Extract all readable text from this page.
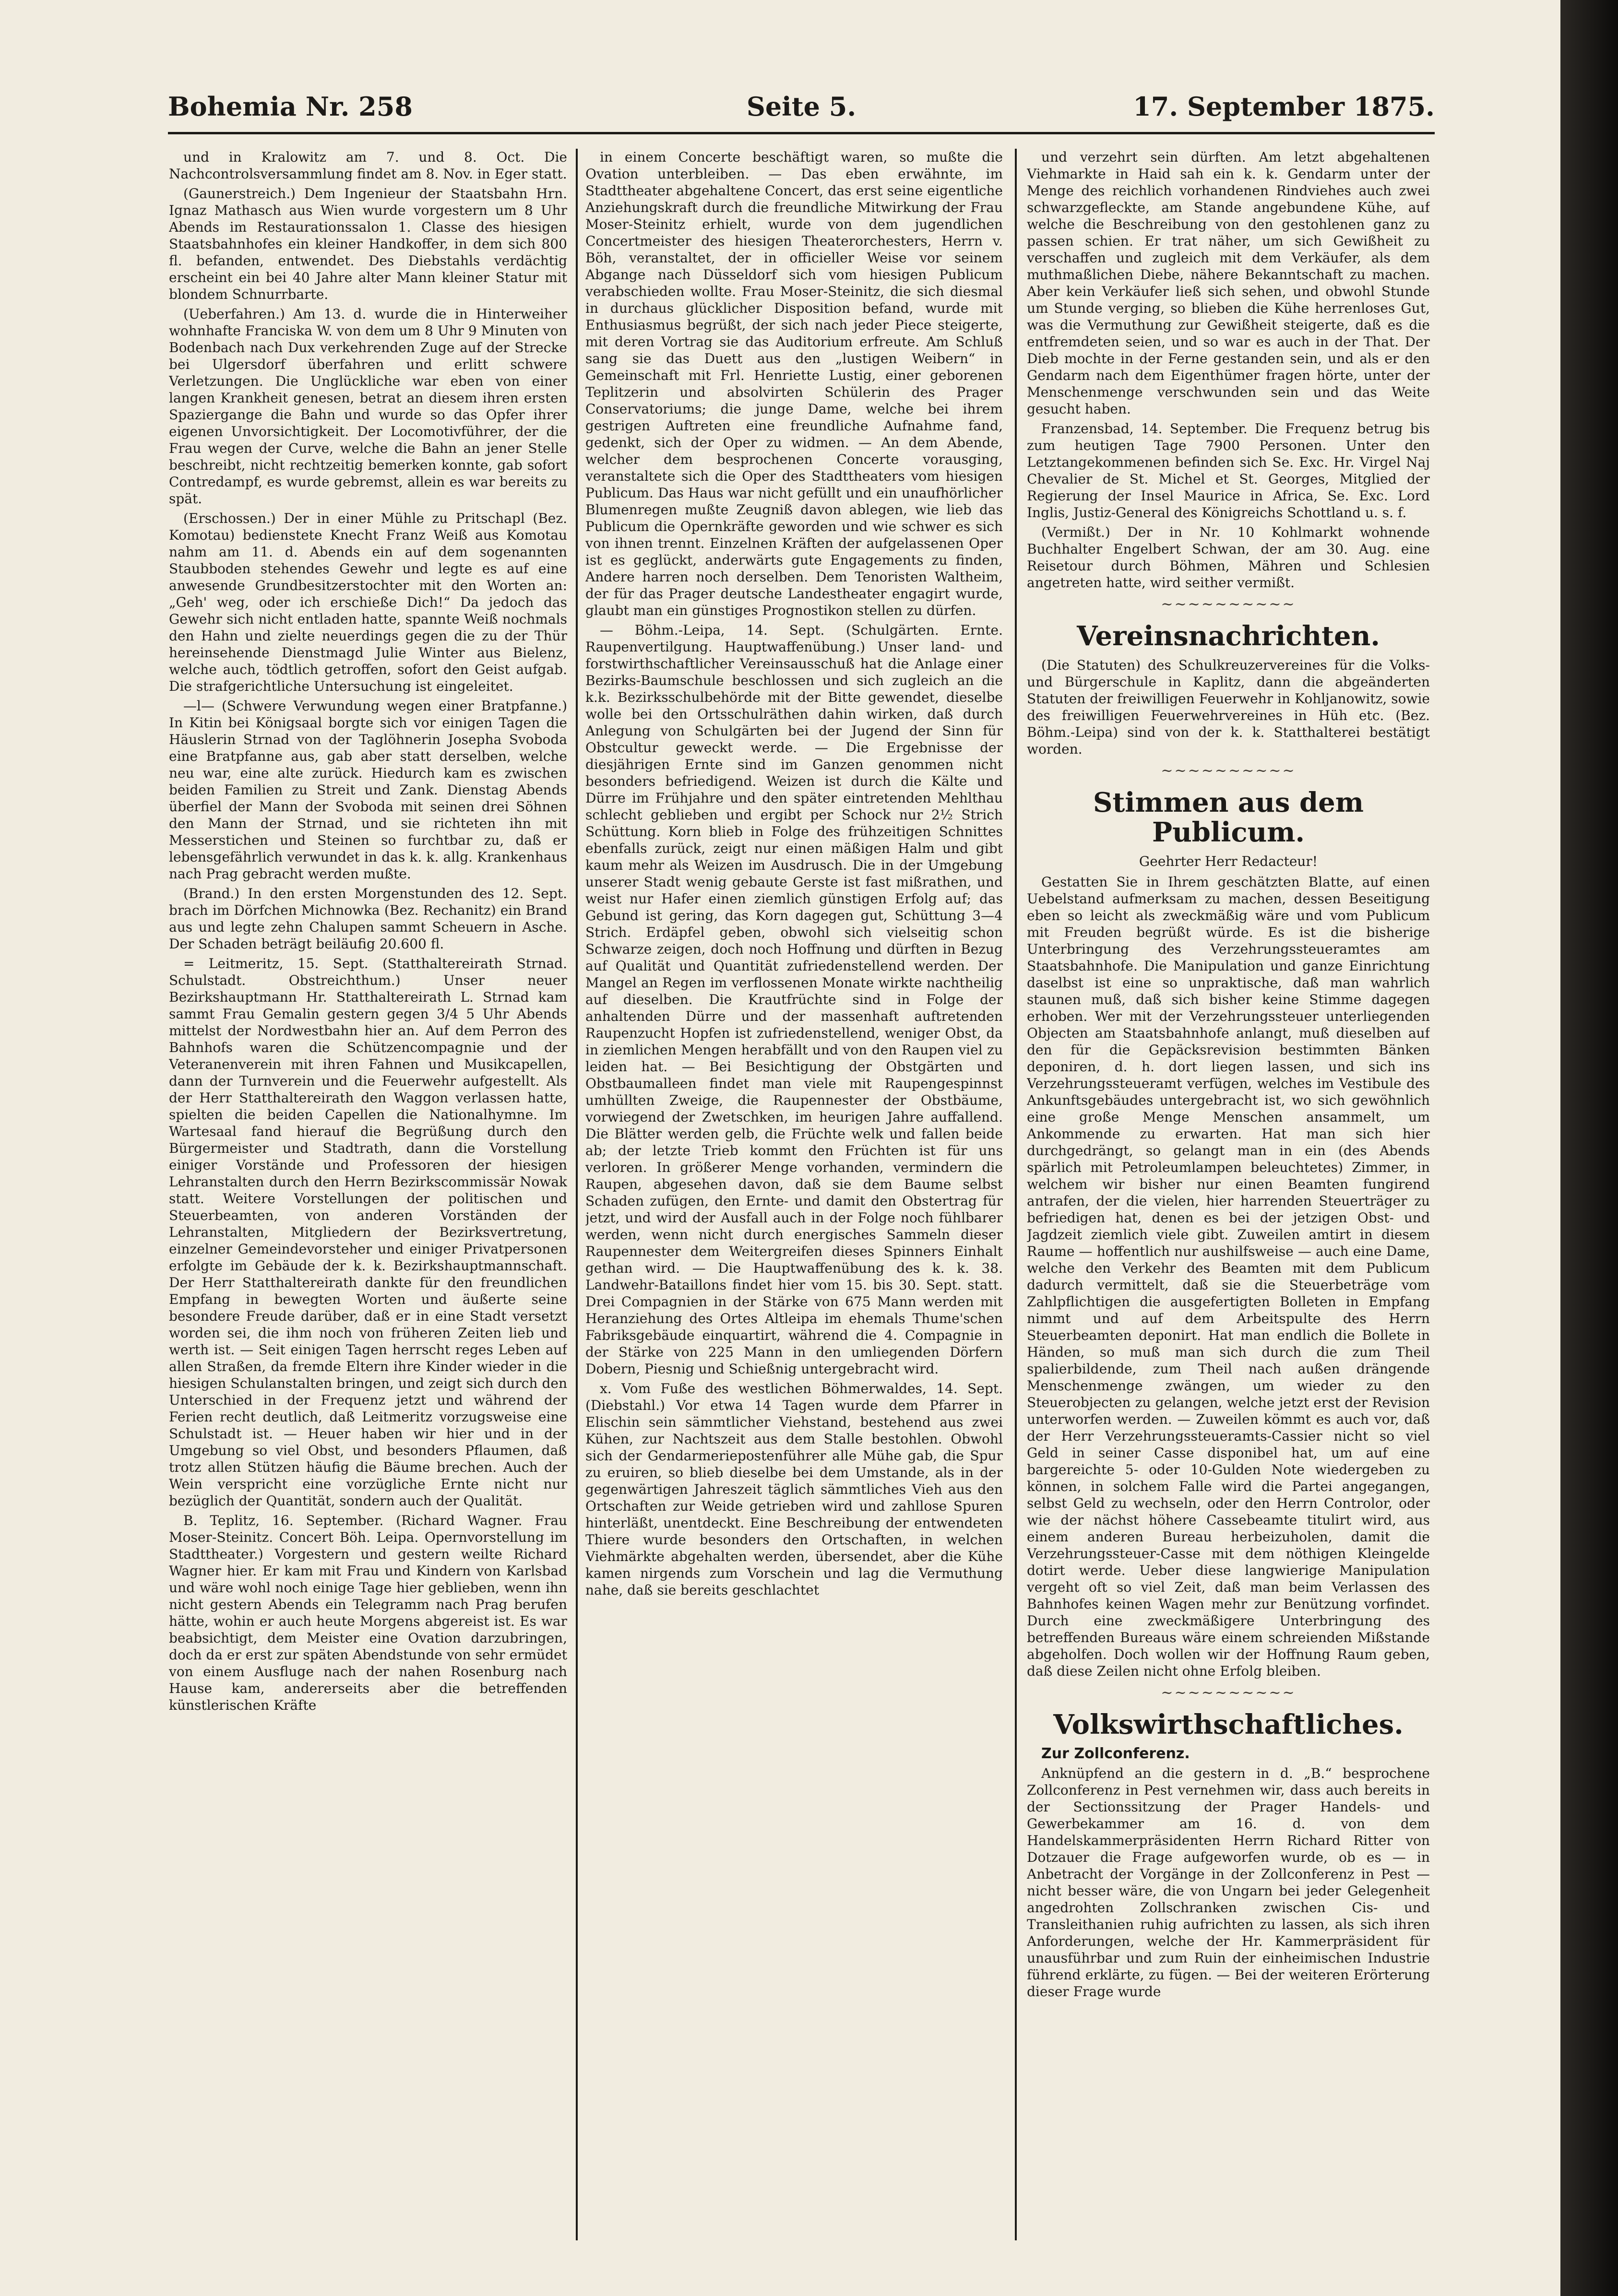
Bohemia Nr. 258	Seite 5.	17. September 1875.

und in Kralowitz am 7. und 8. Oct. Die Nachcontrolsversammlung findet am 8. Nov. in Eger statt.

(Gaunerstreich.) Dem Ingenieur der Staatsbahn Hrn. Ignaz Mathasch aus Wien wurde vorgestern um 8 Uhr Abends im Restaurationssalon 1. Classe des hiesigen Staatsbahnhofes ein kleiner Handkoffer, in dem sich 800 fl. befanden, entwendet. Des Diebstahls verdächtig erscheint ein bei 40 Jahre alter Mann kleiner Statur mit blondem Schnurrbarte.

(Ueberfahren.) Am 13. d. wurde die in Hinterweiher wohnhafte Franciska W. von dem um 8 Uhr 9 Minuten von Bodenbach nach Dux verkehrenden Zuge auf der Strecke bei Ulgersdorf überfahren und erlitt schwere Verletzungen. Die Unglückliche war eben von einer langen Krankheit genesen, betrat an diesem ihren ersten Spaziergange die Bahn und wurde so das Opfer ihrer eigenen Unvorsichtigkeit. Der Locomotivführer, der die Frau wegen der Curve, welche die Bahn an jener Stelle beschreibt, nicht rechtzeitig bemerken konnte, gab sofort Contredampf, es wurde gebremst, allein es war bereits zu spät.

(Erschossen.) Der in einer Mühle zu Pritschapl (Bez. Komotau) bedienstete Knecht Franz Weiß aus Komotau nahm am 11. d. Abends ein auf dem sogenannten Staubboden stehendes Gewehr und legte es auf eine anwesende Grundbesitzerstochter mit den Worten an: „Geh' weg, oder ich erschieße Dich!“ Da jedoch das Gewehr sich nicht entladen hatte, spannte Weiß nochmals den Hahn und zielte neuerdings gegen die zu der Thür hereinsehende Dienstmagd Julie Winter aus Bielenz, welche auch, tödtlich getroffen, sofort den Geist aufgab. Die strafgerichtliche Untersuchung ist eingeleitet.

—l— (Schwere Verwundung wegen einer Bratpfanne.) In Kitin bei Königsaal borgte sich vor einigen Tagen die Häuslerin Strnad von der Taglöhnerin Josepha Svoboda eine Bratpfanne aus, gab aber statt derselben, welche neu war, eine alte zurück. Hiedurch kam es zwischen beiden Familien zu Streit und Zank. Dienstag Abends überfiel der Mann der Svoboda mit seinen drei Söhnen den Mann der Strnad, und sie richteten ihn mit Messerstichen und Steinen so furchtbar zu, daß er lebensgefährlich verwundet in das k. k. allg. Krankenhaus nach Prag gebracht werden mußte.

(Brand.) In den ersten Morgenstunden des 12. Sept. brach im Dörfchen Michnowka (Bez. Rechanitz) ein Brand aus und legte zehn Chalupen sammt Scheuern in Asche. Der Schaden beträgt beiläufig 20.600 fl.

= Leitmeritz, 15. Sept. (Statthaltereirath Strnad. Schulstadt. Obstreichthum.) Unser neuer Bezirkshauptmann Hr. Statthaltereirath L. Strnad kam sammt Frau Gemalin gestern gegen 3/4 5 Uhr Abends mittelst der Nordwestbahn hier an. Auf dem Perron des Bahnhofs waren die Schützencompagnie und der Veteranenverein mit ihren Fahnen und Musikcapellen, dann der Turnverein und die Feuerwehr aufgestellt. Als der Herr Statthaltereirath den Waggon verlassen hatte, spielten die beiden Capellen die Nationalhymne. Im Wartesaal fand hierauf die Begrüßung durch den Bürgermeister und Stadtrath, dann die Vorstellung einiger Vorstände und Professoren der hiesigen Lehranstalten durch den Herrn Bezirkscommissär Nowak statt. Weitere Vorstellungen der politischen und Steuerbeamten, von anderen Vorständen der Lehranstalten, Mitgliedern der Bezirksvertretung, einzelner Gemeindevorsteher und einiger Privatpersonen erfolgte im Gebäude der k. k. Bezirkshauptmannschaft. Der Herr Statthaltereirath dankte für den freundlichen Empfang in bewegten Worten und äußerte seine besondere Freude darüber, daß er in eine Stadt versetzt worden sei, die ihm noch von früheren Zeiten lieb und werth ist. — Seit einigen Tagen herrscht reges Leben auf allen Straßen, da fremde Eltern ihre Kinder wieder in die hiesigen Schulanstalten bringen, und zeigt sich durch den Unterschied in der Frequenz jetzt und während der Ferien recht deutlich, daß Leitmeritz vorzugsweise eine Schulstadt ist. — Heuer haben wir hier und in der Umgebung so viel Obst, und besonders Pflaumen, daß trotz allen Stützen häufig die Bäume brechen. Auch der Wein verspricht eine vorzügliche Ernte nicht nur bezüglich der Quantität, sondern auch der Qualität.

B. Teplitz, 16. September. (Richard Wagner. Frau Moser-Steinitz. Concert Böh. Leipa. Opernvorstellung im Stadttheater.) Vorgestern und gestern weilte Richard Wagner hier. Er kam mit Frau und Kindern von Karlsbad und wäre wohl noch einige Tage hier geblieben, wenn ihn nicht gestern Abends ein Telegramm nach Prag berufen hätte, wohin er auch heute Morgens abgereist ist. Es war beabsichtigt, dem Meister eine Ovation darzubringen, doch da er erst zur späten Abendstunde von sehr ermüdet von einem Ausfluge nach der nahen Rosenburg nach Hause kam, andererseits aber die betreffenden künstlerischen Kräfte

in einem Concerte beschäftigt waren, so mußte die Ovation unterbleiben. — Das eben erwähnte, im Stadttheater abgehaltene Concert, das erst seine eigentliche Anziehungskraft durch die freundliche Mitwirkung der Frau Moser-Steinitz erhielt, wurde von dem jugendlichen Concertmeister des hiesigen Theaterorchesters, Herrn v. Böh, veranstaltet, der in officieller Weise vor seinem Abgange nach Düsseldorf sich vom hiesigen Publicum verabschieden wollte. Frau Moser-Steinitz, die sich diesmal in durchaus glücklicher Disposition befand, wurde mit Enthusiasmus begrüßt, der sich nach jeder Piece steigerte, mit deren Vortrag sie das Auditorium erfreute. Am Schluß sang sie das Duett aus den „lustigen Weibern“ in Gemeinschaft mit Frl. Henriette Lustig, einer geborenen Teplitzerin und absolvirten Schülerin des Prager Conservatoriums; die junge Dame, welche bei ihrem gestrigen Auftreten eine freundliche Aufnahme fand, gedenkt, sich der Oper zu widmen. — An dem Abende, welcher dem besprochenen Concerte vorausging, veranstaltete sich die Oper des Stadttheaters vom hiesigen Publicum. Das Haus war nicht gefüllt und ein unaufhörlicher Blumenregen mußte Zeugniß davon ablegen, wie lieb das Publicum die Opernkräfte geworden und wie schwer es sich von ihnen trennt. Einzelnen Kräften der aufgelassenen Oper ist es geglückt, anderwärts gute Engagements zu finden, Andere harren noch derselben. Dem Tenoristen Waltheim, der für das Prager deutsche Landestheater engagirt wurde, glaubt man ein günstiges Prognostikon stellen zu dürfen.

— Böhm.-Leipa, 14. Sept. (Schulgärten. Ernte. Raupenvertilgung. Hauptwaffenübung.) Unser land- und forstwirthschaftlicher Vereinsausschuß hat die Anlage einer Bezirks-Baumschule beschlossen und sich zugleich an die k.k. Bezirksschulbehörde mit der Bitte gewendet, dieselbe wolle bei den Ortsschulräthen dahin wirken, daß durch Anlegung von Schulgärten bei der Jugend der Sinn für Obstcultur geweckt werde. — Die Ergebnisse der diesjährigen Ernte sind im Ganzen genommen nicht besonders befriedigend. Weizen ist durch die Kälte und Dürre im Frühjahre und den später eintretenden Mehlthau schlecht geblieben und ergibt per Schock nur 2½ Strich Schüttung. Korn blieb in Folge des frühzeitigen Schnittes ebenfalls zurück, zeigt nur einen mäßigen Halm und gibt kaum mehr als Weizen im Ausdrusch. Die in der Umgebung unserer Stadt wenig gebaute Gerste ist fast mißrathen, und weist nur Hafer einen ziemlich günstigen Erfolg auf; das Gebund ist gering, das Korn dagegen gut, Schüttung 3—4 Strich. Erdäpfel geben, obwohl sich vielseitig schon Schwarze zeigen, doch noch Hoffnung und dürften in Bezug auf Qualität und Quantität zufriedenstellend werden. Der Mangel an Regen im verflossenen Monate wirkte nachtheilig auf dieselben. Die Krautfrüchte sind in Folge der anhaltenden Dürre und der massenhaft auftretenden Raupenzucht Hopfen ist zufriedenstellend, weniger Obst, da in ziemlichen Mengen herabfällt und von den Raupen viel zu leiden hat. — Bei Besichtigung der Obstgärten und Obstbaumalleen findet man viele mit Raupengespinnst umhüllten Zweige, die Raupennester der Obstbäume, vorwiegend der Zwetschken, im heurigen Jahre auffallend. Die Blätter werden gelb, die Früchte welk und fallen beide ab; der letzte Trieb kommt den Früchten ist für uns verloren. In größerer Menge vorhanden, vermindern die Raupen, abgesehen davon, daß sie dem Baume selbst Schaden zufügen, den Ernte- und damit den Obstertrag für jetzt, und wird der Ausfall auch in der Folge noch fühlbarer werden, wenn nicht durch energisches Sammeln dieser Raupennester dem Weitergreifen dieses Spinners Einhalt gethan wird. — Die Hauptwaffenübung des k. k. 38. Landwehr-Bataillons findet hier vom 15. bis 30. Sept. statt. Drei Compagnien in der Stärke von 675 Mann werden mit Heranziehung des Ortes Altleipa im ehemals Thume'schen Fabriksgebäude einquartirt, während die 4. Compagnie in der Stärke von 225 Mann in den umliegenden Dörfern Dobern, Piesnig und Schießnig untergebracht wird.

x. Vom Fuße des westlichen Böhmerwaldes, 14. Sept. (Diebstahl.) Vor etwa 14 Tagen wurde dem Pfarrer in Elischin sein sämmtlicher Viehstand, bestehend aus zwei Kühen, zur Nachtszeit aus dem Stalle bestohlen. Obwohl sich der Gendarmeriepostenführer alle Mühe gab, die Spur zu eruiren, so blieb dieselbe bei dem Umstande, als in der gegenwärtigen Jahreszeit täglich sämmtliches Vieh aus den Ortschaften zur Weide getrieben wird und zahllose Spuren hinterläßt, unentdeckt. Eine Beschreibung der entwendeten Thiere wurde besonders den Ortschaften, in welchen Viehmärkte abgehalten werden, übersendet, aber die Kühe kamen nirgends zum Vorschein und lag die Vermuthung nahe, daß sie bereits geschlachtet

und verzehrt sein dürften. Am letzt abgehaltenen Viehmarkte in Haid sah ein k. k. Gendarm unter der Menge des reichlich vorhandenen Rindviehes auch zwei schwarzgefleckte, am Stande angebundene Kühe, auf welche die Beschreibung von den gestohlenen ganz zu passen schien. Er trat näher, um sich Gewißheit zu verschaffen und zugleich mit dem Verkäufer, als dem muthmaßlichen Diebe, nähere Bekanntschaft zu machen. Aber kein Verkäufer ließ sich sehen, und obwohl Stunde um Stunde verging, so blieben die Kühe herrenloses Gut, was die Vermuthung zur Gewißheit steigerte, daß es die entfremdeten seien, und so war es auch in der That. Der Dieb mochte in der Ferne gestanden sein, und als er den Gendarm nach dem Eigenthümer fragen hörte, unter der Menschenmenge verschwunden sein und das Weite gesucht haben.

Franzensbad, 14. September. Die Frequenz betrug bis zum heutigen Tage 7900 Personen. Unter den Letztangekommenen befinden sich Se. Exc. Hr. Virgel Naj Chevalier de St. Michel et St. Georges, Mitglied der Regierung der Insel Maurice in Africa, Se. Exc. Lord Inglis, Justiz-General des Königreichs Schottland u. s. f.

(Vermißt.) Der in Nr. 10 Kohlmarkt wohnende Buchhalter Engelbert Schwan, der am 30. Aug. eine Reisetour durch Böhmen, Mähren und Schlesien angetreten hatte, wird seither vermißt.

~~~~~~~~~~
Vereinsnachrichten.

(Die Statuten) des Schulkreuzervereines für die Volks- und Bürgerschule in Kaplitz, dann die abgeänderten Statuten der freiwilligen Feuerwehr in Kohljanowitz, sowie des freiwilligen Feuerwehrvereines in Hüh etc. (Bez. Böhm.-Leipa) sind von der k. k. Statthalterei bestätigt worden.

~~~~~~~~~~
Stimmen aus dem Publicum.

Geehrter Herr Redacteur!

Gestatten Sie in Ihrem geschätzten Blatte, auf einen Uebelstand aufmerksam zu machen, dessen Beseitigung eben so leicht als zweckmäßig wäre und vom Publicum mit Freuden begrüßt würde. Es ist die bisherige Unterbringung des Verzehrungssteueramtes am Staatsbahnhofe. Die Manipulation und ganze Einrichtung daselbst ist eine so unpraktische, daß man wahrlich staunen muß, daß sich bisher keine Stimme dagegen erhoben. Wer mit der Verzehrungssteuer unterliegenden Objecten am Staatsbahnhofe anlangt, muß dieselben auf den für die Gepäcksrevision bestimmten Bänken deponiren, d. h. dort liegen lassen, und sich ins Verzehrungssteueramt verfügen, welches im Vestibule des Ankunftsgebäudes untergebracht ist, wo sich gewöhnlich eine große Menge Menschen ansammelt, um Ankommende zu erwarten. Hat man sich hier durchgedrängt, so gelangt man in ein (des Abends spärlich mit Petroleumlampen beleuchtetes) Zimmer, in welchem wir bisher nur einen Beamten fungirend antrafen, der die vielen, hier harrenden Steuerträger zu befriedigen hat, denen es bei der jetzigen Obst- und Jagdzeit ziemlich viele gibt. Zuweilen amtirt in diesem Raume — hoffentlich nur aushilfsweise — auch eine Dame, welche den Verkehr des Beamten mit dem Publicum dadurch vermittelt, daß sie die Steuerbeträge vom Zahlpflichtigen die ausgefertigten Bolleten in Empfang nimmt und auf dem Arbeitspulte des Herrn Steuerbeamten deponirt. Hat man endlich die Bollete in Händen, so muß man sich durch die zum Theil spalierbildende, zum Theil nach außen drängende Menschenmenge zwängen, um wieder zu den Steuerobjecten zu gelangen, welche jetzt erst der Revision unterworfen werden. — Zuweilen kömmt es auch vor, daß der Herr Verzehrungssteueramts-Cassier nicht so viel Geld in seiner Casse disponibel hat, um auf eine bargereichte 5- oder 10-Gulden Note wiedergeben zu können, in solchem Falle wird die Partei angegangen, selbst Geld zu wechseln, oder den Herrn Controlor, oder wie der nächst höhere Cassebeamte titulirt wird, aus einem anderen Bureau herbeizuholen, damit die Verzehrungssteuer-Casse mit dem nöthigen Kleingelde dotirt werde. Ueber diese langwierige Manipulation vergeht oft so viel Zeit, daß man beim Verlassen des Bahnhofes keinen Wagen mehr zur Benützung vorfindet. Durch eine zweckmäßigere Unterbringung des betreffenden Bureaus wäre einem schreienden Mißstande abgeholfen. Doch wollen wir der Hoffnung Raum geben, daß diese Zeilen nicht ohne Erfolg bleiben.

~~~~~~~~~~
Volkswirthschaftliches.

Zur Zollconferenz.

Anknüpfend an die gestern in d. „B.“ besprochene Zollconferenz in Pest vernehmen wir, dass auch bereits in der Sectionssitzung der Prager Handels- und Gewerbekammer am 16. d. von dem Handelskammerpräsidenten Herrn Richard Ritter von Dotzauer die Frage aufgeworfen wurde, ob es — in Anbetracht der Vorgänge in der Zollconferenz in Pest — nicht besser wäre, die von Ungarn bei jeder Gelegenheit angedrohten Zollschranken zwischen Cis- und Transleithanien ruhig aufrichten zu lassen, als sich ihren Anforderungen, welche der Hr. Kammerpräsident für unausführbar und zum Ruin der einheimischen Industrie führend erklärte, zu fügen. — Bei der weiteren Erörterung dieser Frage wurde
